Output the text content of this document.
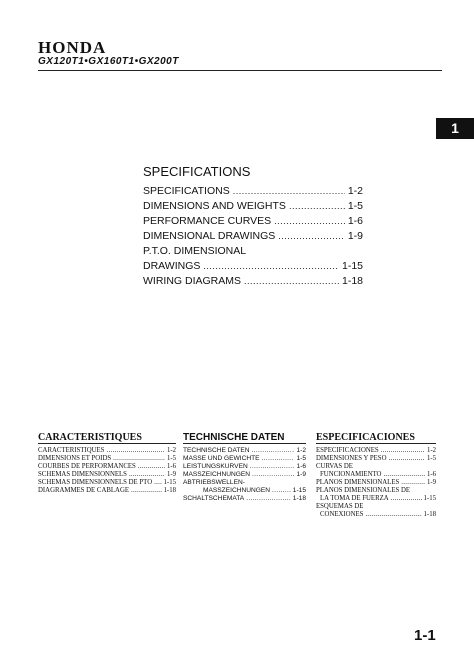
HONDA
GX120T1•GX160T1•GX200T
1
SPECIFICATIONS
SPECIFICATIONS .....	1-2
DIMENSIONS AND WEIGHTS .....	1-5
PERFORMANCE CURVES .....	1-6
DIMENSIONAL DRAWINGS .....	1-9
P.T.O. DIMENSIONAL
DRAWINGS .....	1-15
WIRING DIAGRAMS .....	1-18
CARACTERISTIQUES
CARACTERISTIQUES .....	1-2
DIMENSIONS ET POIDS .....	1-5
COURBES DE PERFORMANCES .....	1-6
SCHEMAS DIMENSIONNELS .....	1-9
SCHEMAS DIMENSIONNELS DE PTO ..... 1-15
DIAGRAMMES DE CABLAGE .....	1-18
TECHNISCHE DATEN
TECHNISCHE DATEN .....	1-2
MASSE UND GEWICHTE .....	1-5
LEISTUNGSKURVEN .....	1-6
MASSZEICHNUNGEN .....	1-9
ABTRIEBSWELLEN-
MASSZEICHNUNGEN .....	1-15
SCHALTSCHEMATA .....	1-18
ESPECIFICACIONES
ESPECIFICACIONES .....	1-2
DIMENSIONES Y PESO .....	1-5
CURVAS DE
FUNCIONAMIENTO .....	1-6
PLANOS DIMENSIONALES .....	1-9
PLANOS DIMENSIONALES DE
LA TOMA DE FUERZA .....	1-15
ESQUEMAS DE
CONEXIONES .....	1-18
1-1
